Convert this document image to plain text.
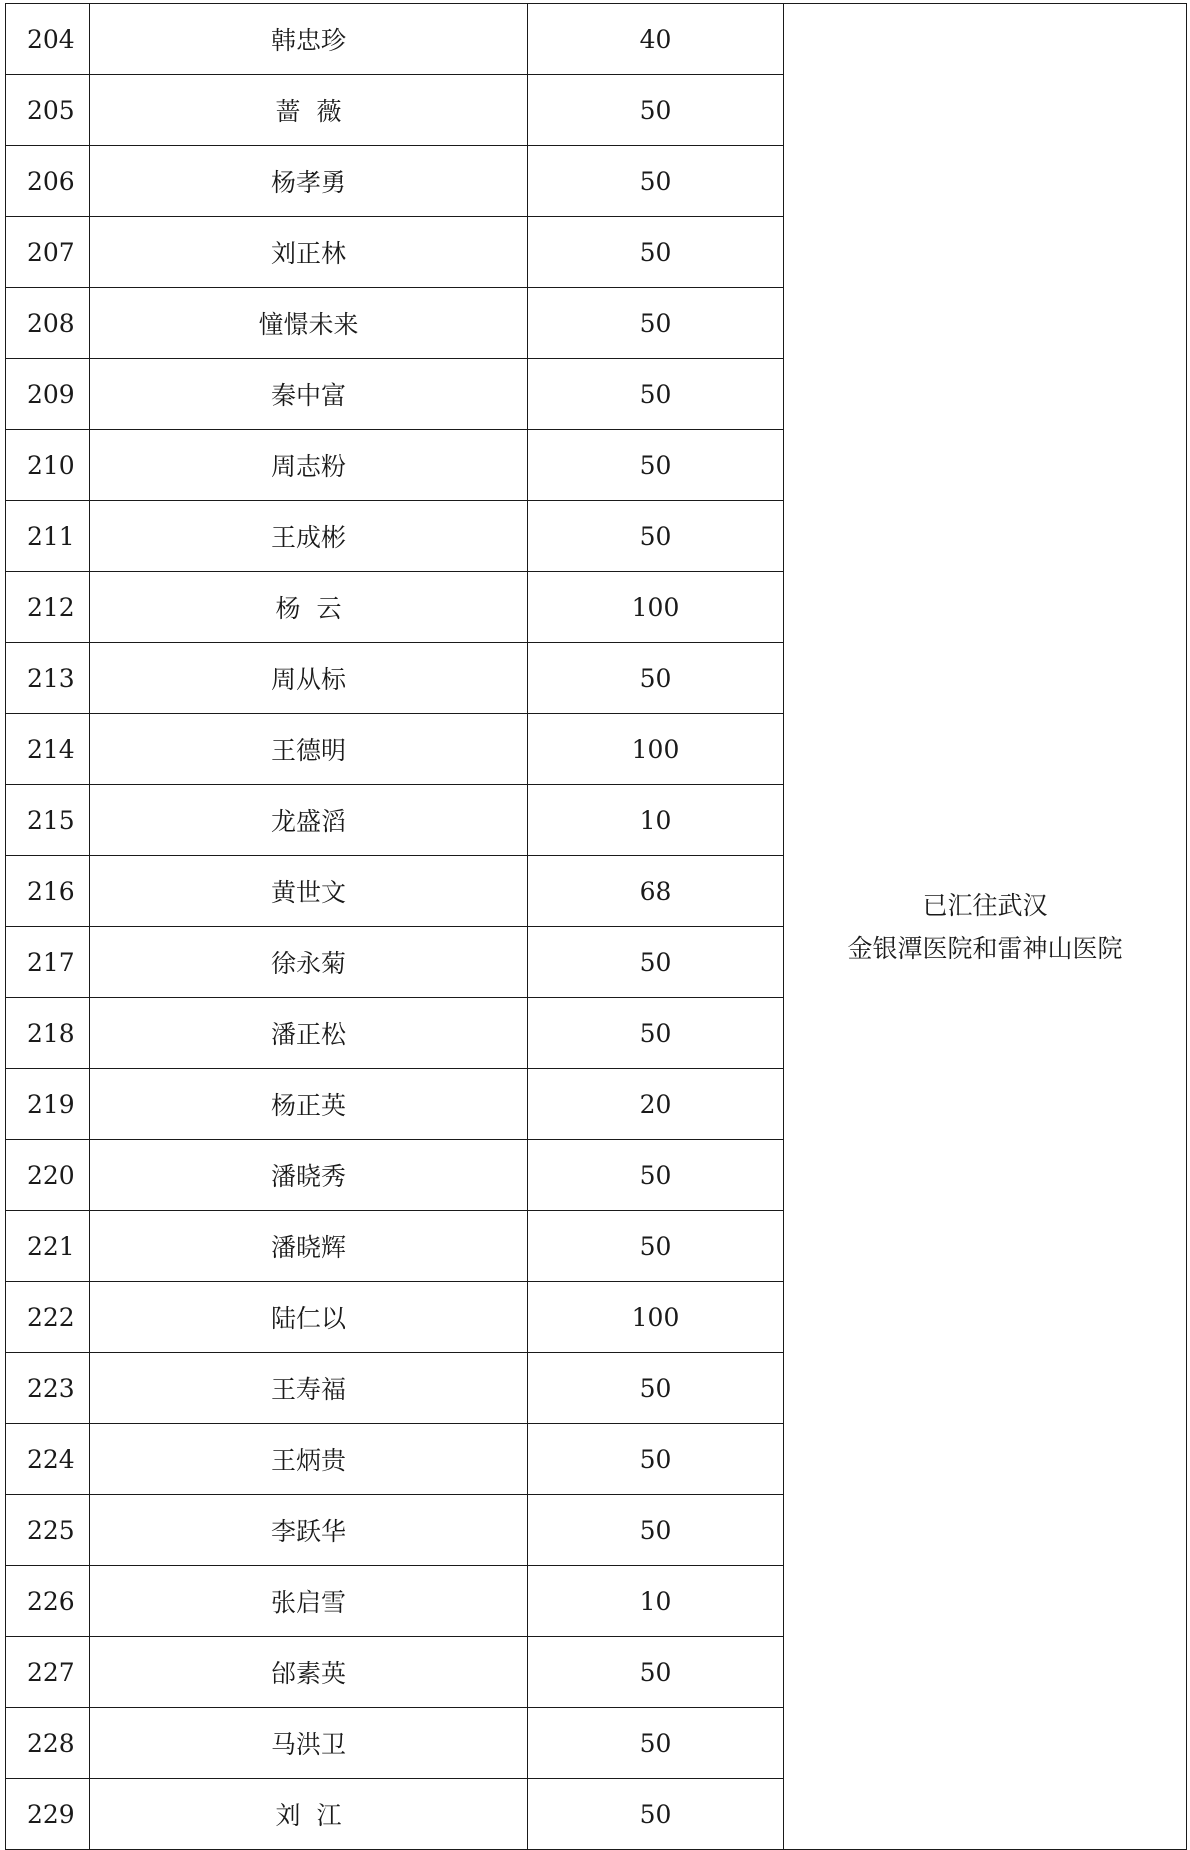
204	韩忠珍	40	已汇往武汉
金银潭医院和雷神山医院

205	蔷  薇	50	
206	杨孝勇	50	
207	刘正林	50	
208	憧憬未来	50	
209	秦中富	50	
210	周志粉	50	
211	王成彬	50	
212	杨  云	100	
213	周从标	50	
214	王德明	100	
215	龙盛滔	10	
216	黄世文	68	
217	徐永菊	50	
218	潘正松	50	
219	杨正英	20	
220	潘晓秀	50	
221	潘晓辉	50	
222	陆仁以	100	
223	王寿福	50	
224	王炳贵	50	
225	李跃华	50	
226	张启雪	10	
227	邰素英	50	
228	马洪卫	50	
229	刘  江	50	
